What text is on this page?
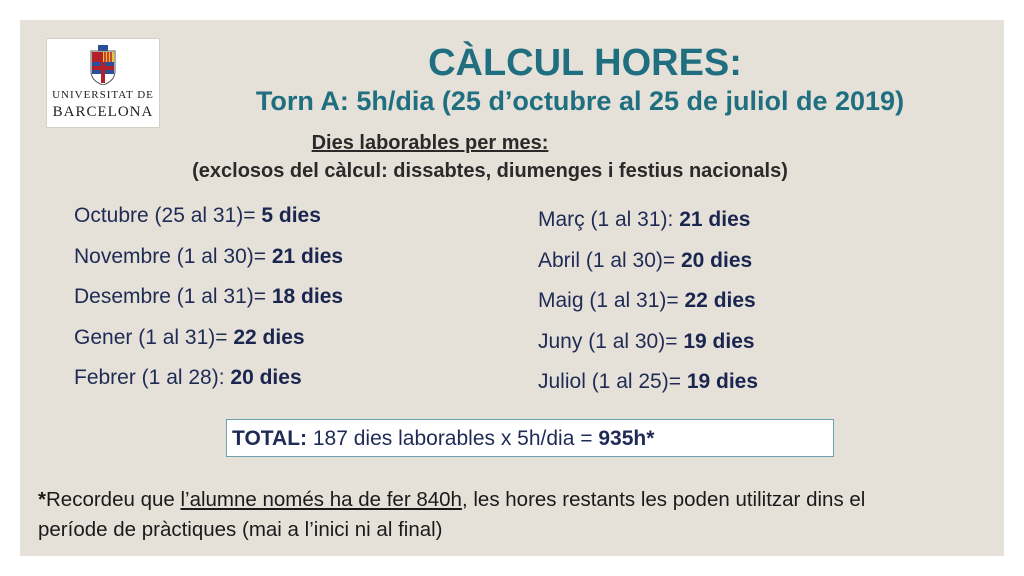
UNIVERSITAT DE
BARCELONA
CÀLCUL HORES:
Torn A: 5h/dia (25 d’octubre al 25 de juliol de 2019)
Dies laborables per mes:
(exclosos del càlcul: dissabtes, diumenges i festius nacionals)
Octubre (25 al 31)= 5 dies
Novembre (1 al 30)= 21 dies
Desembre (1 al 31)= 18 dies
Gener (1 al 31)= 22 dies
Febrer (1 al 28): 20 dies
Març (1 al 31): 21 dies
Abril (1 al 30)= 20 dies
Maig (1 al 31)= 22 dies
Juny (1 al 30)= 19 dies
Juliol (1 al 25)= 19 dies
TOTAL: 187 dies laborables x 5h/dia = 935h*
*Recordeu que l’alumne només ha de fer 840h, les hores restants les poden utilitzar dins el període de pràctiques (mai a l’inici ni al final)
